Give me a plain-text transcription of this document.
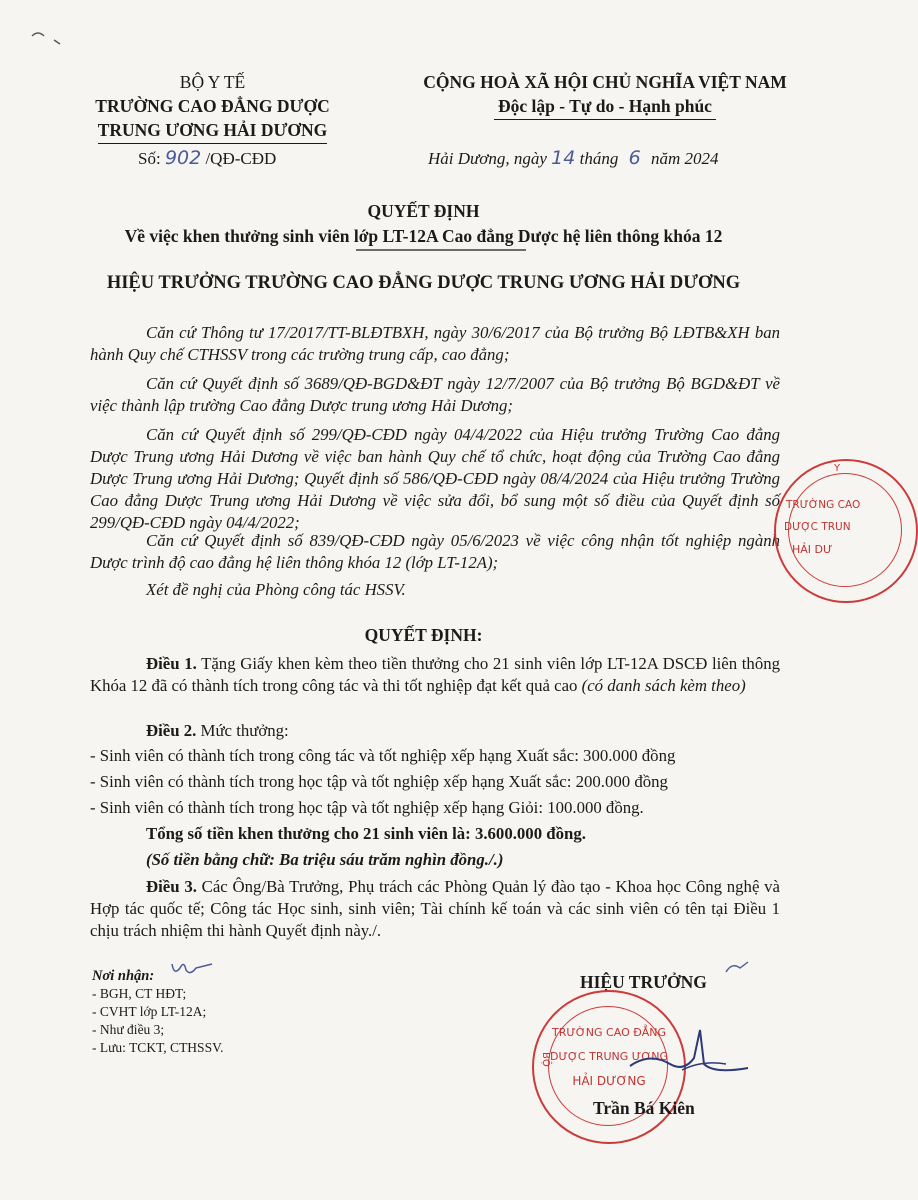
BỘ Y TẾ
TRƯỜNG CAO ĐẲNG DƯỢC
TRUNG ƯƠNG HẢI DƯƠNG
CỘNG HOÀ XÃ HỘI CHỦ NGHĨA VIỆT NAM
Độc lập - Tự do - Hạnh phúc
Số: 902 /QĐ-CĐD	Hải Dương, ngày 14 tháng 6 năm 2024
QUYẾT ĐỊNH
Về việc khen thưởng sinh viên lớp LT-12A Cao đẳng Dược hệ liên thông khóa 12
HIỆU TRƯỞNG TRƯỜNG CAO ĐẲNG DƯỢC TRUNG ƯƠNG HẢI DƯƠNG
Căn cứ Thông tư 17/2017/TT-BLĐTBXH, ngày 30/6/2017 của Bộ trưởng Bộ LĐTB&XH ban hành Quy chế CTHSSV trong các trường trung cấp, cao đẳng;
Căn cứ Quyết định số 3689/QĐ-BGD&ĐT ngày 12/7/2007 của Bộ trưởng Bộ BGD&ĐT về việc thành lập trường Cao đẳng Dược trung ương Hải Dương;
Căn cứ Quyết định số 299/QĐ-CĐD ngày 04/4/2022 của Hiệu trưởng Trường Cao đẳng Dược Trung ương Hải Dương về việc ban hành Quy chế tổ chức, hoạt động của Trường Cao đẳng Dược Trung ương Hải Dương; Quyết định số 586/QĐ-CĐD ngày 08/4/2024 của Hiệu trưởng Trường Cao đẳng Dược Trung ương Hải Dương về việc sửa đổi, bổ sung một số điều của Quyết định số 299/QĐ-CĐD ngày 04/4/2022;
Căn cứ Quyết định số 839/QĐ-CĐD ngày 05/6/2023 về việc công nhận tốt nghiệp ngành Dược trình độ cao đẳng hệ liên thông khóa 12 (lớp LT-12A);
Xét đề nghị của Phòng công tác HSSV.
QUYẾT ĐỊNH:
Điều 1. Tặng Giấy khen kèm theo tiền thưởng cho 21 sinh viên lớp LT-12A DSCĐ liên thông Khóa 12 đã có thành tích trong công tác và thi tốt nghiệp đạt kết quả cao (có danh sách kèm theo)
Điều 2. Mức thưởng:
- Sinh viên có thành tích trong công tác và tốt nghiệp xếp hạng Xuất sắc: 300.000 đồng
- Sinh viên có thành tích trong học tập và tốt nghiệp xếp hạng Xuất sắc: 200.000 đồng
- Sinh viên có thành tích trong học tập và tốt nghiệp xếp hạng Giỏi: 100.000 đồng.
Tổng số tiền khen thưởng cho 21 sinh viên là: 3.600.000 đồng.
(Số tiền bằng chữ: Ba triệu sáu trăm nghìn đồng./.)
Điều 3. Các Ông/Bà Trưởng, Phụ trách các Phòng Quản lý đào tạo - Khoa học Công nghệ và Hợp tác quốc tế; Công tác Học sinh, sinh viên; Tài chính kế toán và các sinh viên có tên tại Điều 1 chịu trách nhiệm thi hành Quyết định này./.
Nơi nhận:
- BGH, CT HĐT;
- CVHT lớp LT-12A;
- Như điều 3;
- Lưu: TCKT, CTHSSV.
HIỆU TRƯỞNG
TRƯỜNG CAO ĐẲNG
DƯỢC TRUNG ƯƠNG
HẢI DƯƠNG
BỘ
Trần Bá Kiên
Y
TRƯỜNG CAO
DƯỢC TRUN
HẢI DƯ
